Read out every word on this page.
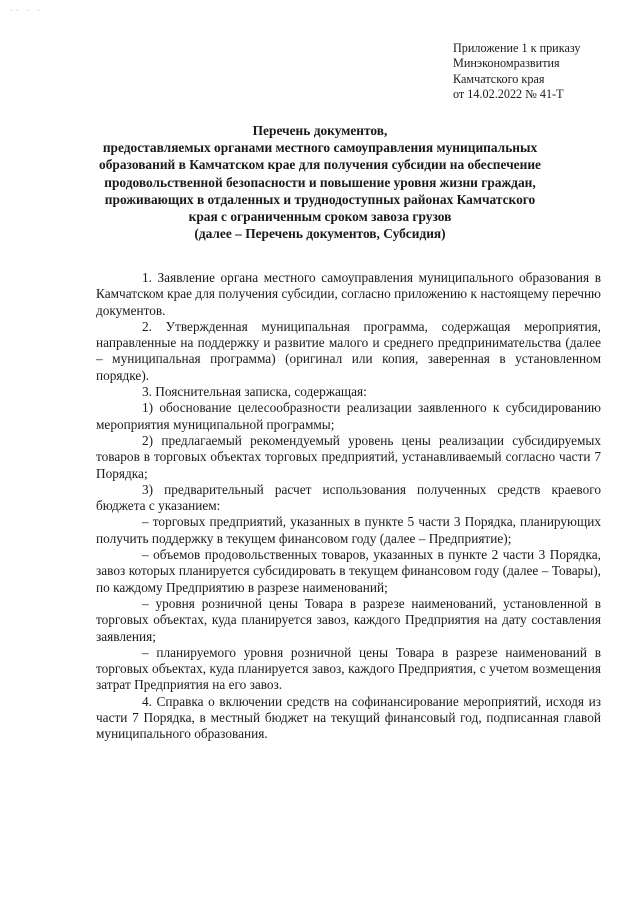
˙˙ ˙ ˙
Приложение 1 к приказу
Минэкономразвития
Камчатского края
от 14.02.2022 № 41-Т
Перечень документов,
предоставляемых органами местного самоуправления муниципальных
образований в Камчатском крае для получения субсидии на обеспечение
продовольственной безопасности и повышение уровня жизни граждан,
проживающих в отдаленных и труднодоступных районах Камчатского
края с ограниченным сроком завоза грузов
(далее – Перечень документов, Субсидия)

1. Заявление органа местного самоуправления муниципального образования в Камчатском крае для получения субсидии, согласно приложению к настоящему перечню документов.

2. Утвержденная муниципальная программа, содержащая мероприятия, направленные на поддержку и развитие малого и среднего предпринимательства (далее – муниципальная программа) (оригинал или копия, заверенная в установленном порядке).

3. Пояснительная записка, содержащая:

1) обоснование целесообразности реализации заявленного к субсидированию мероприятия муниципальной программы;

2) предлагаемый рекомендуемый уровень цены реализации субсидируемых товаров в торговых объектах торговых предприятий, устанавливаемый согласно части 7 Порядка;

3) предварительный расчет использования полученных средств краевого бюджета с указанием:

– торговых предприятий, указанных в пункте 5 части 3 Порядка, планирующих получить поддержку в текущем финансовом году (далее – Предприятие);

– объемов продовольственных товаров, указанных в пункте 2 части 3 Порядка, завоз которых планируется субсидировать в текущем финансовом году (далее – Товары), по каждому Предприятию в разрезе наименований;

– уровня розничной цены Товара в разрезе наименований, установленной в торговых объектах, куда планируется завоз, каждого Предприятия на дату составления заявления;

– планируемого уровня розничной цены Товара в разрезе наименований в торговых объектах, куда планируется завоз, каждого Предприятия, с учетом возмещения затрат Предприятия на его завоз.

4. Справка о включении средств на софинансирование мероприятий, исходя из части 7 Порядка, в местный бюджет на текущий финансовый год, подписанная главой муниципального образования.
